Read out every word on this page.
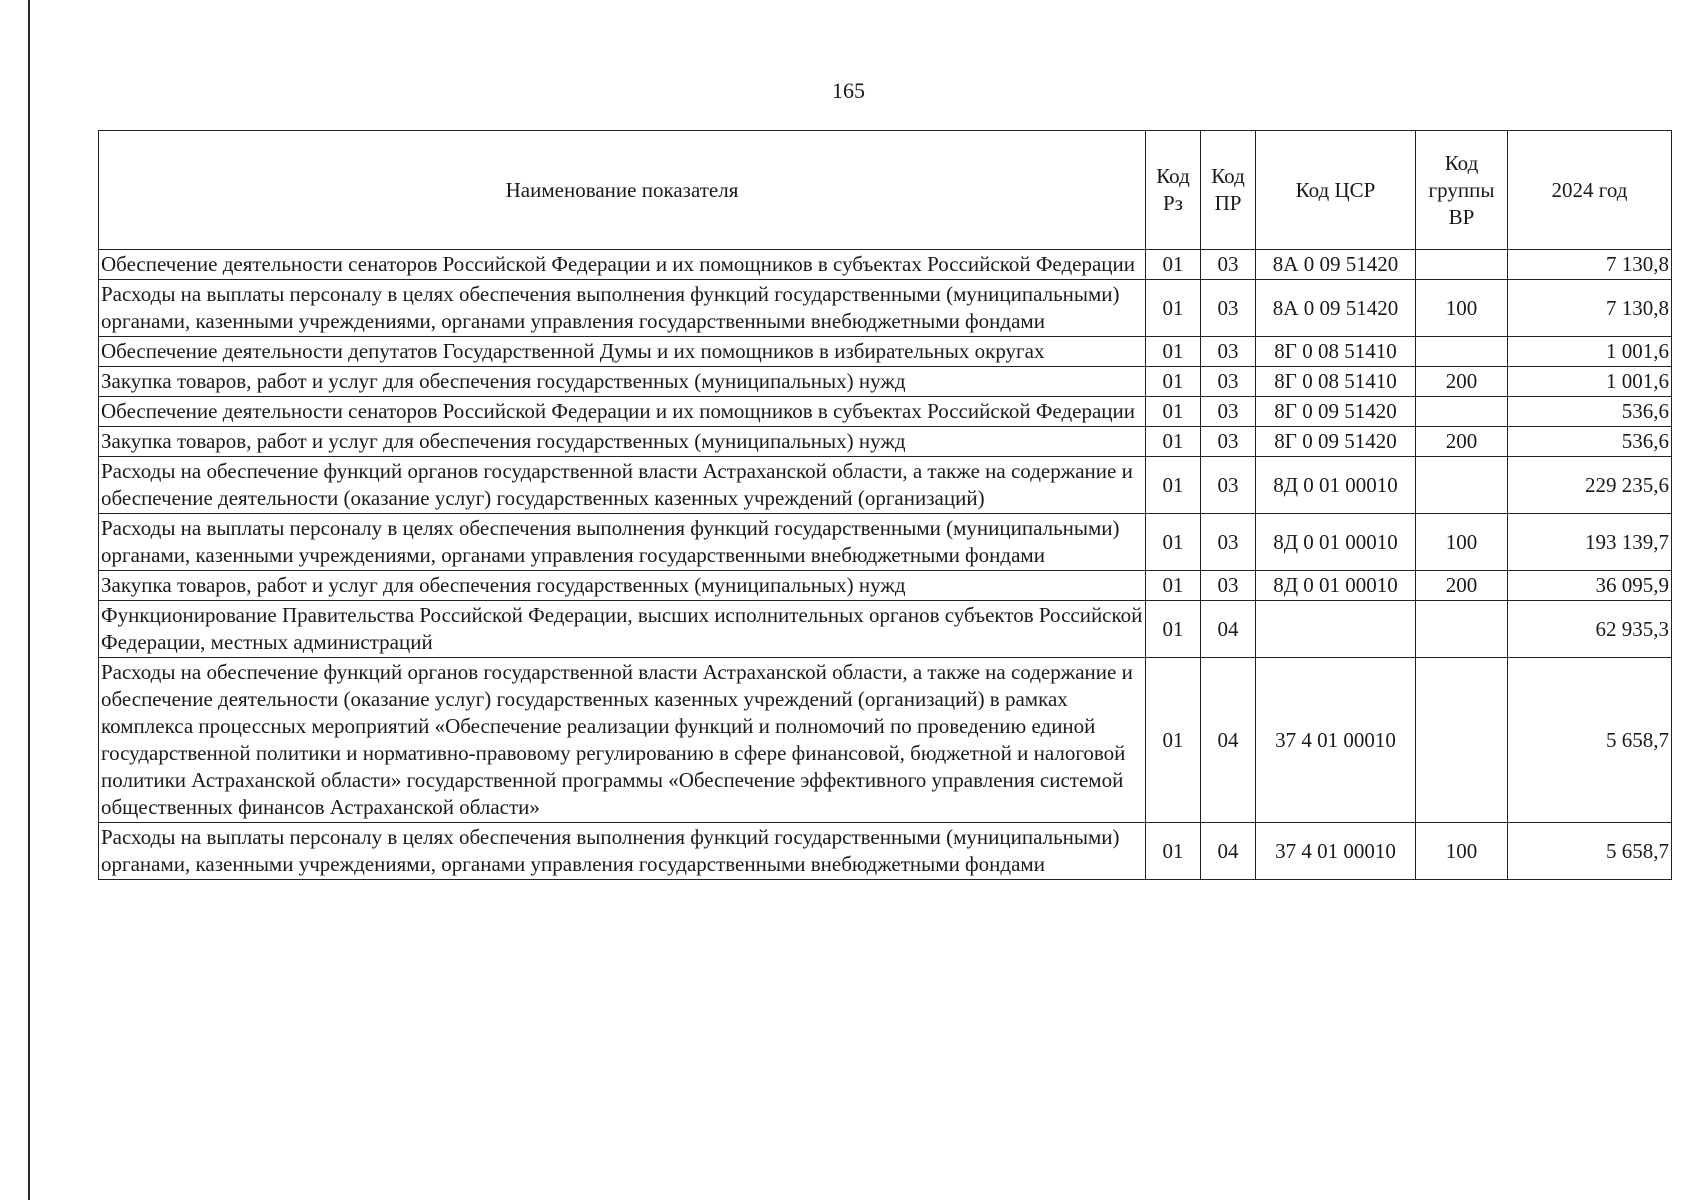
165
Наименование показателя	Код Рз	Код ПР	Код ЦСР	Код группы ВР	2024 год
Обеспечение деятельности сенаторов Российской Федерации и их помощников в субъектах Российской Федерации	01	03	8А 0 09 51420		7 130,8
Расходы на выплаты персоналу в целях обеспечения выполнения функций государственными (муниципальными) органами, казенными учреждениями, органами управления государственными внебюджетными фондами	01	03	8А 0 09 51420	100	7 130,8
Обеспечение деятельности депутатов Государственной Думы и их помощников в избирательных округах	01	03	8Г 0 08 51410		1 001,6
Закупка товаров, работ и услуг для обеспечения государственных (муниципальных) нужд	01	03	8Г 0 08 51410	200	1 001,6
Обеспечение деятельности сенаторов Российской Федерации и их помощников в субъектах Российской Федерации	01	03	8Г 0 09 51420		536,6
Закупка товаров, работ и услуг для обеспечения государственных (муниципальных) нужд	01	03	8Г 0 09 51420	200	536,6
Расходы на обеспечение функций органов государственной власти Астраханской области, а также на содержание и обеспечение деятельности (оказание услуг) государственных казенных учреждений (организаций)	01	03	8Д 0 01 00010		229 235,6
Расходы на выплаты персоналу в целях обеспечения выполнения функций государственными (муниципальными) органами, казенными учреждениями, органами управления государственными внебюджетными фондами	01	03	8Д 0 01 00010	100	193 139,7
Закупка товаров, работ и услуг для обеспечения государственных (муниципальных) нужд	01	03	8Д 0 01 00010	200	36 095,9
Функционирование Правительства Российской Федерации, высших исполнительных органов субъектов Российской Федерации, местных администраций	01	04			62 935,3
Расходы на обеспечение функций органов государственной власти Астраханской области, а также на содержание и обеспечение деятельности (оказание услуг) государственных казенных учреждений (организаций) в рамках комплекса процессных мероприятий «Обеспечение реализации функций и полномочий по проведению единой государственной политики и нормативно-правовому регулированию в сфере финансовой, бюджетной и налоговой политики Астраханской области» государственной программы «Обеспечение эффективного управления системой общественных финансов Астраханской области»	01	04	37 4 01 00010		5 658,7
Расходы на выплаты персоналу в целях обеспечения выполнения функций государственными (муниципальными) органами, казенными учреждениями, органами управления государственными внебюджетными фондами	01	04	37 4 01 00010	100	5 658,7
